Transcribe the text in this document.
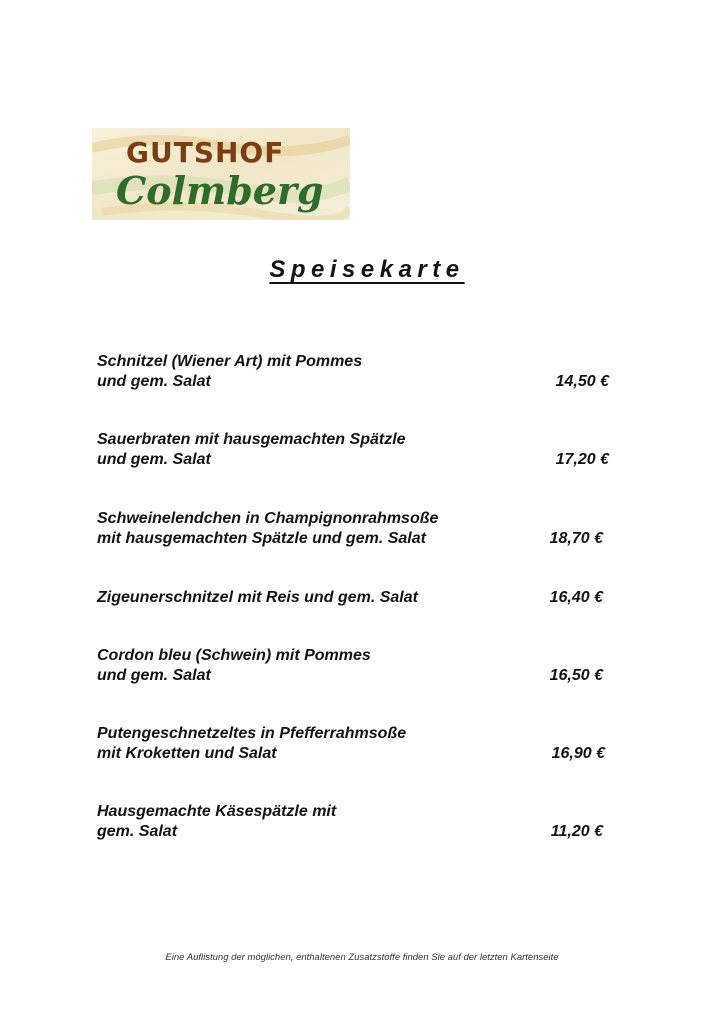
GUTSHOF
Colmberg
Speisekarte
Schnitzel (Wiener Art) mit Pommes
und gem. Salat	14,50 €
Sauerbraten mit hausgemachten Spätzle
und gem. Salat	17,20 €
Schweinelendchen in Champignonrahmsoße
mit hausgemachten Spätzle und gem. Salat	18,70 €
Zigeunerschnitzel mit Reis und gem. Salat	16,40 €
Cordon bleu (Schwein) mit Pommes
und gem. Salat	16,50 €
Putengeschnetzeltes in Pfefferrahmsoße
mit Kroketten und Salat	16,90 €
Hausgemachte Käsespätzle mit
gem. Salat	11,20 €
Eine Auflistung der möglichen, enthaltenen Zusatzstoffe finden Sie auf der letzten Kartenseite
